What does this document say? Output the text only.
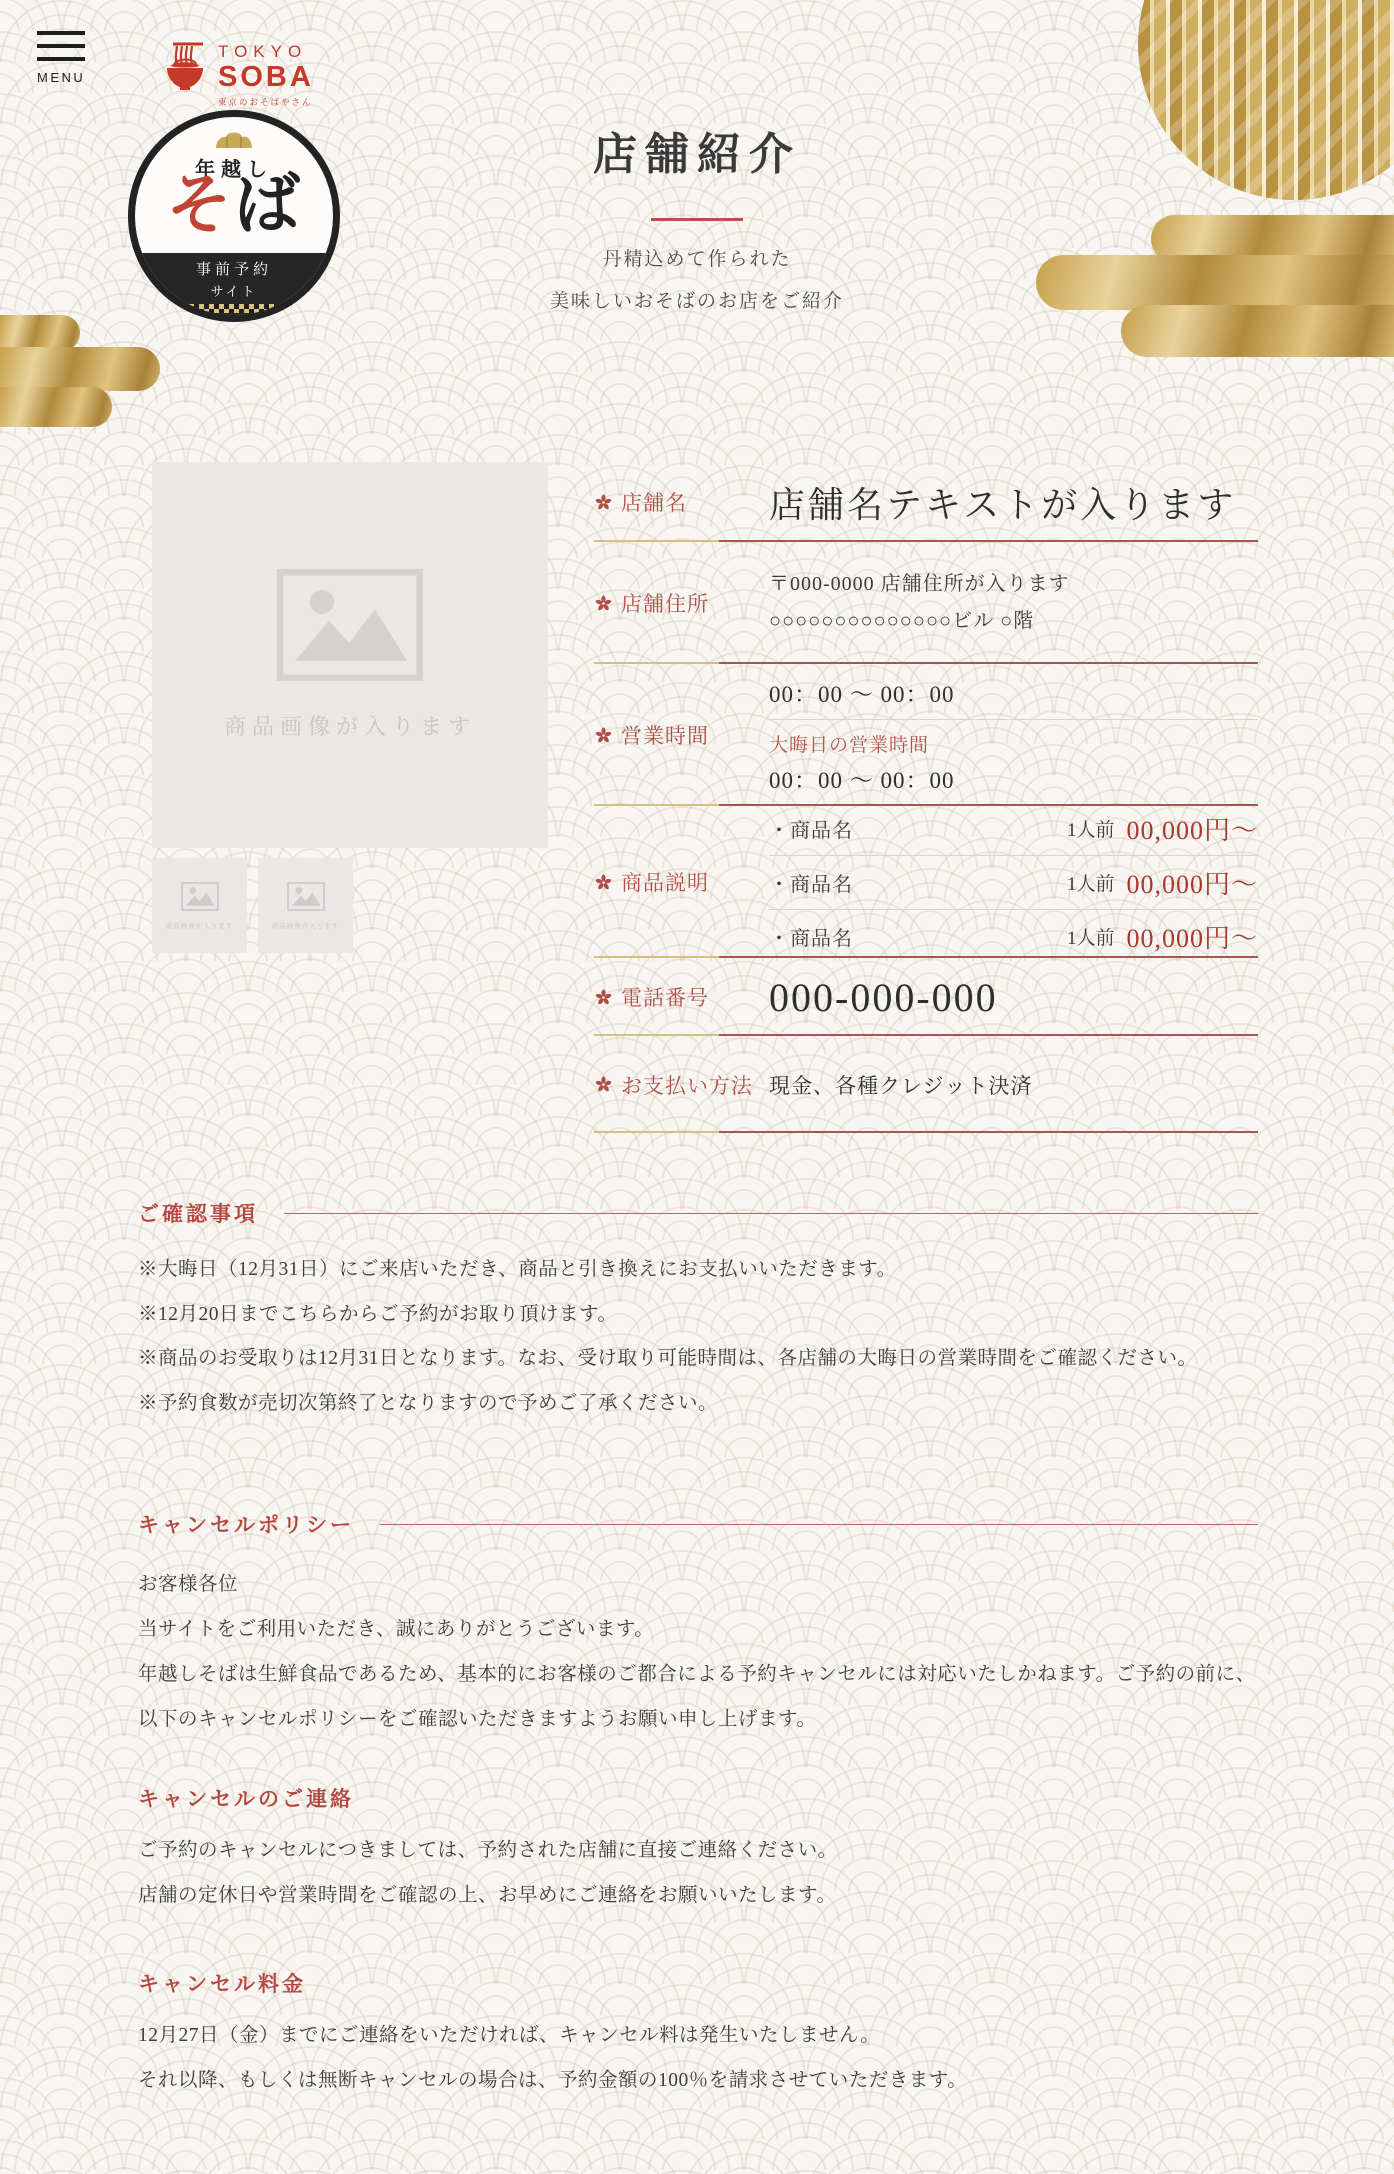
MENU
TOKYO
SOBA
東京のおそばやさん
年越し
そば
事前予約
サイト
店舗紹介

丹精込めて作られた

美味しいおそばのお店をご紹介

商品画像が入ります
商品画像が入ります	商品画像が入ります
店舗名 店舗名テキストが入ります
店舗住所
〒000-0000 店舗住所が入ります
○○○○○○○○○○○○○○ビル ○階
営業時間
00：00 〜 00：00
大晦日の営業時間
00：00 〜 00：00
商品説明
・商品名	1人前 00,000円〜
・商品名	1人前 00,000円〜
・商品名	1人前 00,000円〜
電話番号 000-000-000
お支払い方法 現金、各種クレジット決済
ご確認事項
※大晦日（12月31日）にご来店いただき、商品と引き換えにお支払いいただきます。
※12月20日までこちらからご予約がお取り頂けます。
※商品のお受取りは12月31日となります。なお、受け取り可能時間は、各店舗の大晦日の営業時間をご確認ください。
※予約食数が売切次第終了となりますので予めご了承ください。
キャンセルポリシー

お客様各位

当サイトをご利用いただき、誠にありがとうございます。

年越しそばは生鮮食品であるため、基本的にお客様のご都合による予約キャンセルには対応いたしかねます。ご予約の前に、以下のキャンセルポリシーをご確認いただきますようお願い申し上げます。

キャンセルのご連絡

ご予約のキャンセルにつきましては、予約された店舗に直接ご連絡ください。

店舗の定休日や営業時間をご確認の上、お早めにご連絡をお願いいたします。

キャンセル料金

12月27日（金）までにご連絡をいただければ、キャンセル料は発生いたしません。

それ以降、もしくは無断キャンセルの場合は、予約金額の100％を請求させていただきます。
